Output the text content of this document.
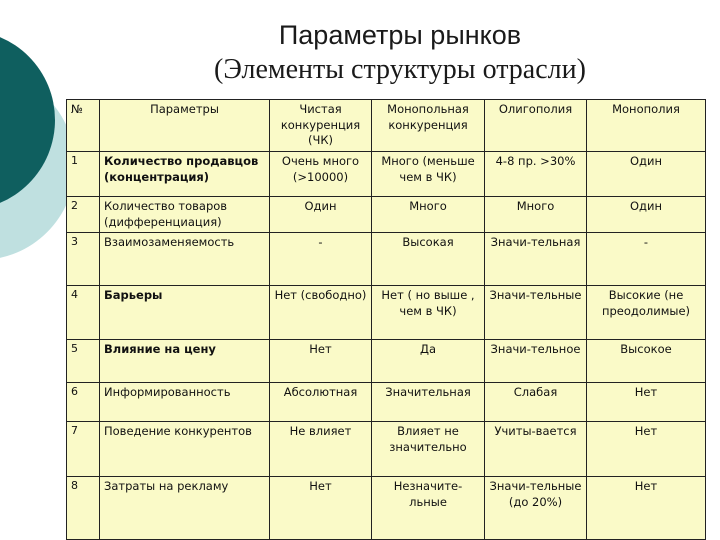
Параметры рынков
(Элементы структуры отрасли)
№	Параметры	Чистая конкуренция (ЧК)	Монопольная конкуренция	Олигополия	Монополия
1	Количество продавцов (концентрация)	Очень много (>10000)	Много (меньше чем в ЧК)	4-8 пр. >30%	Один
2	Количество товаров (дифференциация)	Один	Много	Много	Один
3	Взаимозаменяемость	-	Высокая	Значи-тельная	-
4	Барьеры	Нет (свободно)	Нет ( но выше , чем в ЧК)	Значи-тельные	Высокие (не преодолимые)
5	Влияние на цену	Нет	Да	Значи-тельное	Высокое
6	Информированность	Абсолютная	Значительная	Слабая	Нет
7	Поведение конкурентов	Не влияет	Влияет не значительно	Учиты-вается	Нет
8	Затраты на рекламу	Нет	Незначите-льные	Значи-тельные (до 20%)	Нет
